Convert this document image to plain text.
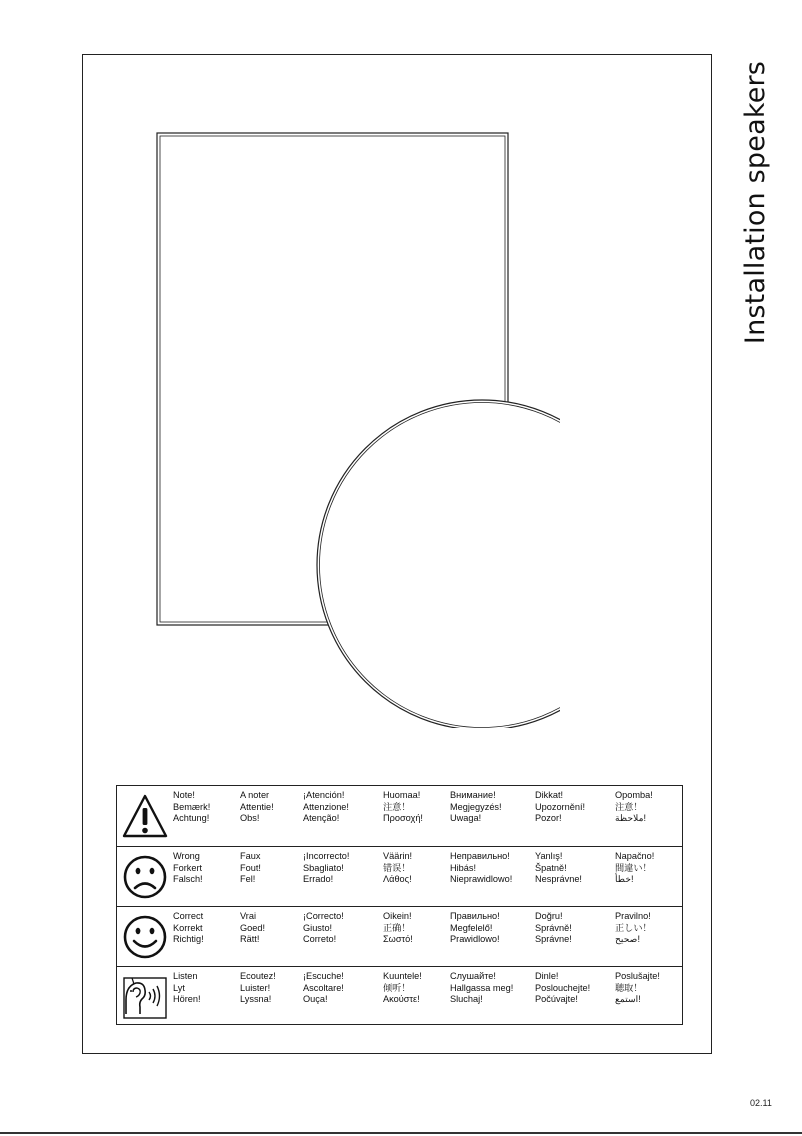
Installation speakers
Note!
Bemærk!
Achtung!
A noter
Attentie!
Obs!
¡Atención!
Attenzione!
Atenção!
Huomaa!
注意！
Προσοχή!
Внимание!
Megjegyzés!
Uwaga!
Dikkat!
Upozornění!
Pozor!
Opomba!
注意！
ملاحظة!
Wrong
Forkert
Falsch!
Faux
Fout!
Fel!
¡Incorrecto!
Sbagliato!
Errado!
Väärin!
错误！
Λάθος!
Неправильно!
Hibás!
Nieprawidlowo!
Yanlış!
Špatně!
Nesprávne!
Napačno!
間違い！
خطأ!
Correct
Korrekt
Richtig!
Vrai
Goed!
Rätt!
¡Correcto!
Giusto!
Correto!
Oikein!
正确！
Σωστό!
Правильно!
Megfelelő!
Prawidlowo!
Doğru!
Správně!
Správne!
Pravilno!
正しい！
صحيح!
Listen
Lyt
Hören!
Ecoutez!
Luister!
Lyssna!
¡Escuche!
Ascoltare!
Ouça!
Kuuntele!
倾听！
Ακούστε!
Слушайте!
Hallgassa meg!
Sluchaj!
Dinle!
Poslouchejte!
Počúvajte!
Poslušajte!
聴取！
استمع!
02.11
